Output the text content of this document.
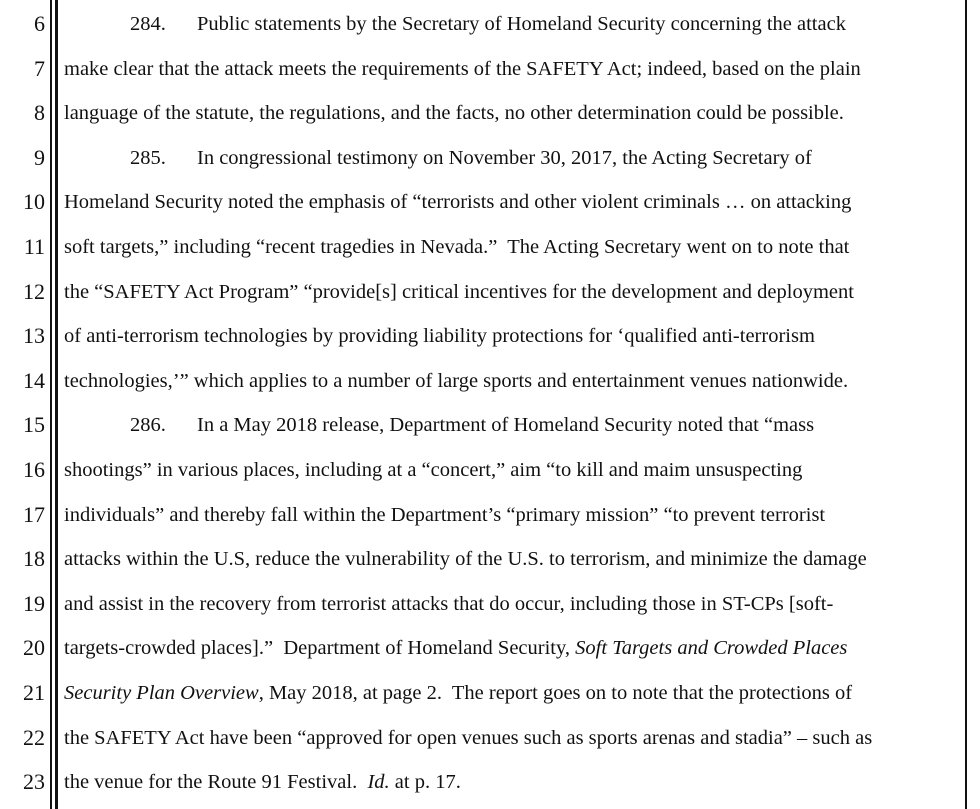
6	284. Public statements by the Secretary of Homeland Security concerning the attack
7 make clear that the attack meets the requirements of the SAFETY Act; indeed, based on the plain
8 language of the statute, the regulations, and the facts, no other determination could be possible.
9	285. In congressional testimony on November 30, 2017, the Acting Secretary of
10 Homeland Security noted the emphasis of “terrorists and other violent criminals … on attacking
11 soft targets,” including “recent tragedies in Nevada.”  The Acting Secretary went on to note that
12 the “SAFETY Act Program” “provide[s] critical incentives for the development and deployment
13 of anti-terrorism technologies by providing liability protections for ‘qualified anti-terrorism
14 technologies,’” which applies to a number of large sports and entertainment venues nationwide.
15	286. In a May 2018 release, Department of Homeland Security noted that “mass
16 shootings” in various places, including at a “concert,” aim “to kill and maim unsuspecting
17 individuals” and thereby fall within the Department’s “primary mission” “to prevent terrorist
18 attacks within the U.S, reduce the vulnerability of the U.S. to terrorism, and minimize the damage
19 and assist in the recovery from terrorist attacks that do occur, including those in ST-CPs [soft-
20 targets-crowded places].”  Department of Homeland Security, Soft Targets and Crowded Places
21 Security Plan Overview, May 2018, at page 2.  The report goes on to note that the protections of
22 the SAFETY Act have been “approved for open venues such as sports arenas and stadia” – such as
23 the venue for the Route 91 Festival.  Id. at p. 17.
